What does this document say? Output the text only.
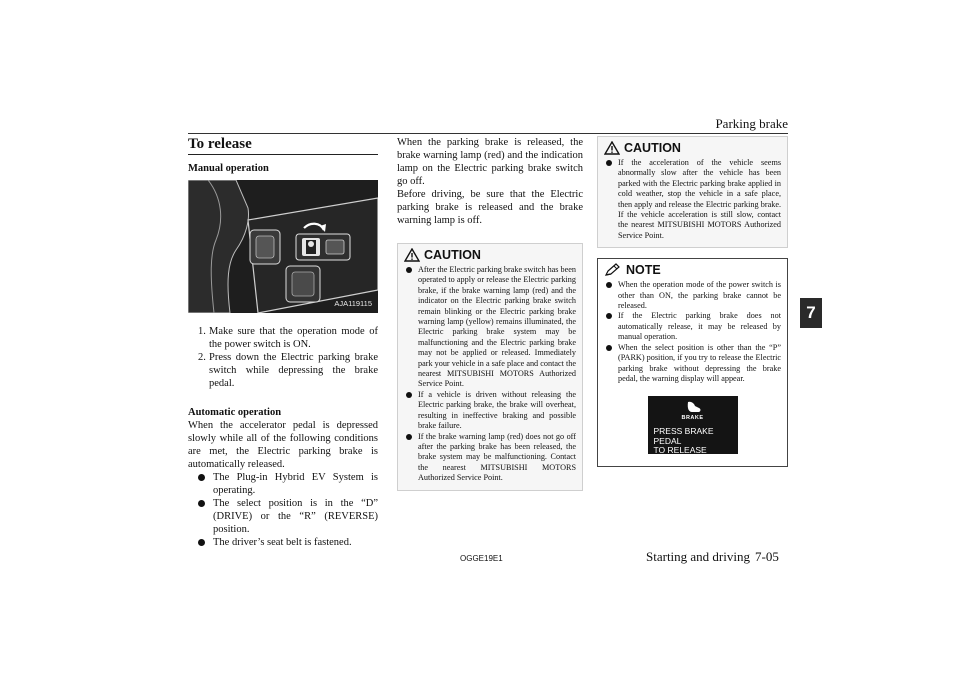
Parking brake
7
To release
Manual operation
AJA119115
1. Make sure that the operation mode of the power switch is ON.
2. Press down the Electric parking brake switch while depressing the brake pedal.
Automatic operation

When the accelerator pedal is depressed slowly while all of the following conditions are met, the Electric parking brake is automatically released.

The Plug-in Hybrid EV System is operating.
The select position is in the “D” (DRIVE) or the “R” (REVERSE) position.
The driver’s seat belt is fastened.

When the parking brake is released, the brake warning lamp (red) and the indication lamp on the Electric parking brake switch go off.

Before driving, be sure that the Electric parking brake is released and the brake warning lamp is off.

CAUTION
After the Electric parking brake switch has been operated to apply or release the Electric parking brake, if the brake warning lamp (red) and the indicator on the Electric parking brake switch remain blinking or the Electric parking brake warning lamp (yellow) remains illuminated, the Electric parking brake system may be malfunctioning and the Electric parking brake may not be applied or released. Immediately park your vehicle in a safe place and contact the nearest MITSUBISHI MOTORS Authorized Service Point.
If a vehicle is driven without releasing the Electric parking brake, the brake will overheat, resulting in ineffective braking and possible brake failure.
If the brake warning lamp (red) does not go off after the parking brake has been released, the brake system may be malfunctioning. Contact the nearest MITSUBISHI MOTORS Authorized Service Point.
CAUTION
If the acceleration of the vehicle seems abnormally slow after the vehicle has been parked with the Electric parking brake applied in cold weather, stop the vehicle in a safe place, then apply and release the Electric parking brake. If the vehicle acceleration is still slow, contact the nearest MITSUBISHI MOTORS Authorized Service Point.
NOTE
When the operation mode of the power switch is other than ON, the parking brake cannot be released.
If the Electric parking brake does not automatically release, it may be released by manual operation.
When the select position is other than the “P” (PARK) position, if you try to release the Electric parking brake without depressing the brake pedal, the warning display will appear.
BRAKE
PRESS BRAKE PEDAL
TO RELEASE
OGGE19E1	Starting and driving 7-05
